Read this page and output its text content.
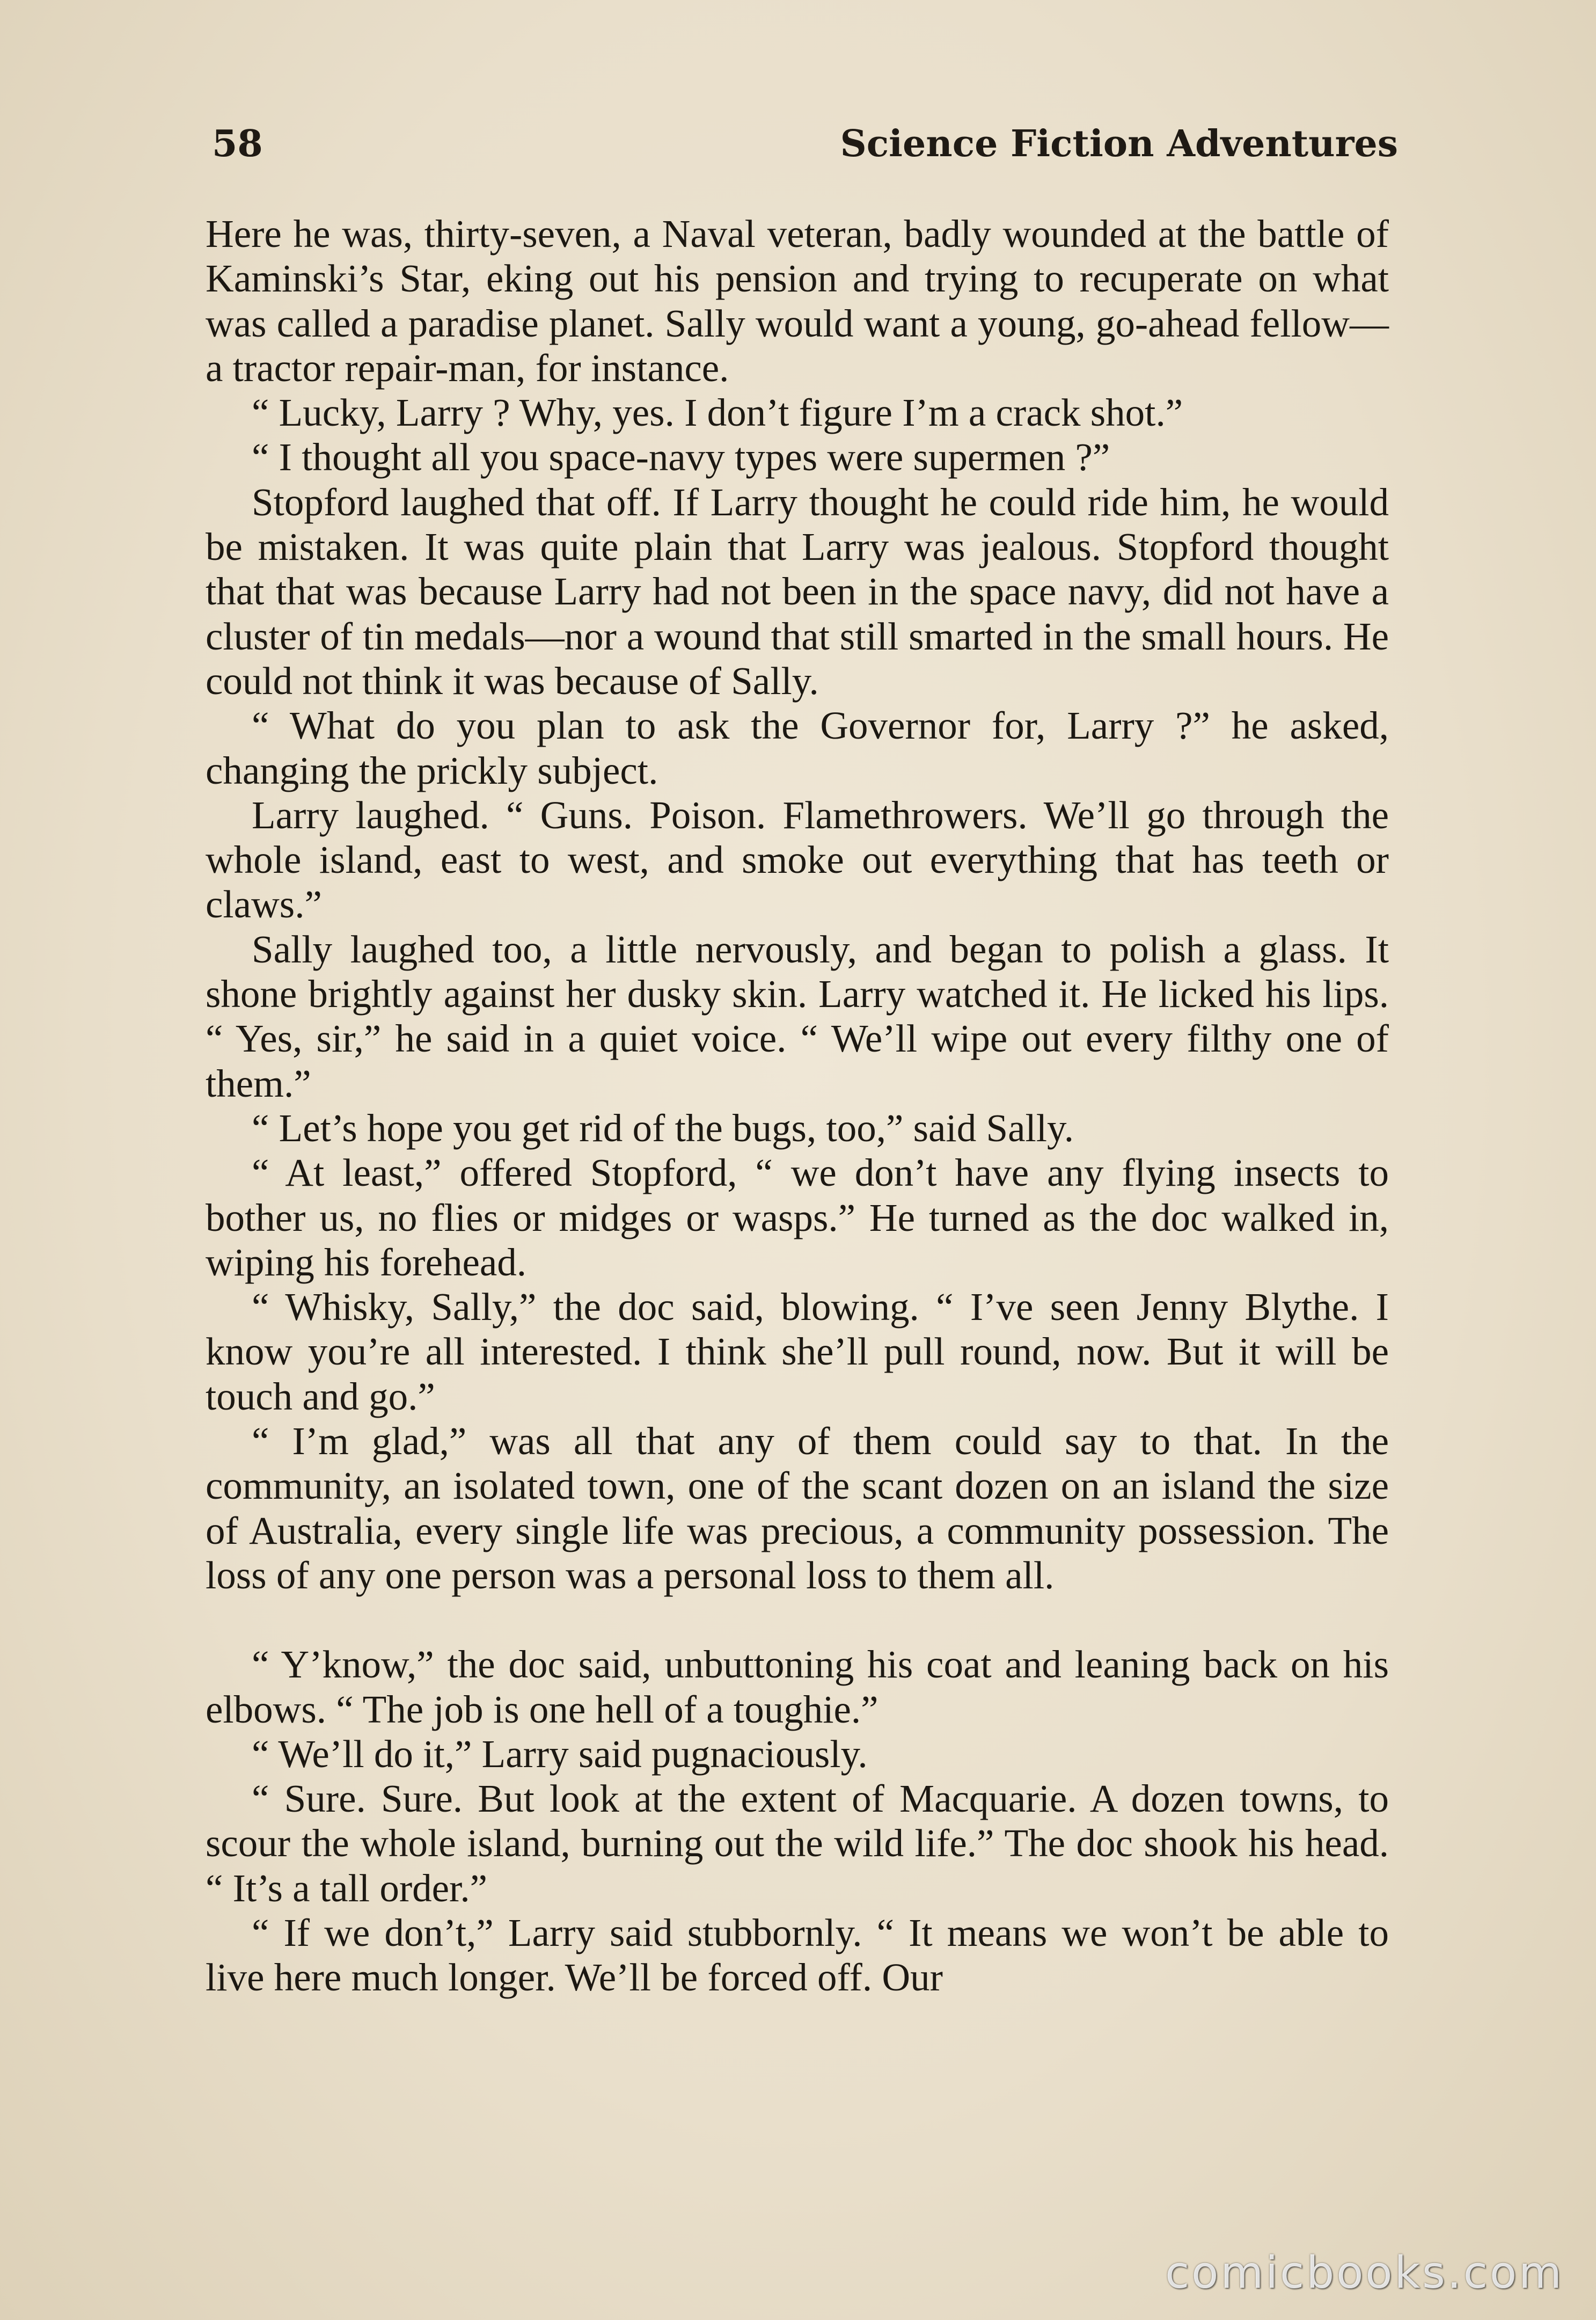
58	Science Fiction Adventures

Here he was, thirty-seven, a Naval veteran, badly wounded at the battle of Kaminski’s Star, eking out his pension and trying to recuperate on what was called a paradise planet. Sally would want a young, go-ahead fellow—a tractor repair-man, for instance.

“ Lucky, Larry ? Why, yes. I don’t figure I’m a crack shot.”

“ I thought all you space-navy types were supermen ?”

Stopford laughed that off. If Larry thought he could ride him, he would be mistaken. It was quite plain that Larry was jealous. Stopford thought that that was because Larry had not been in the space navy, did not have a cluster of tin medals—nor a wound that still smarted in the small hours. He could not think it was because of Sally.

“ What do you plan to ask the Governor for, Larry ?” he asked, changing the prickly subject.

Larry laughed. “ Guns. Poison. Flamethrowers. We’ll go through the whole island, east to west, and smoke out everything that has teeth or claws.”

Sally laughed too, a little nervously, and began to polish a glass. It shone brightly against her dusky skin. Larry watched it. He licked his lips. “ Yes, sir,” he said in a quiet voice. “ We’ll wipe out every filthy one of them.”

“ Let’s hope you get rid of the bugs, too,” said Sally.

“ At least,” offered Stopford, “ we don’t have any flying insects to bother us, no flies or midges or wasps.” He turned as the doc walked in, wiping his forehead.

“ Whisky, Sally,” the doc said, blowing. “ I’ve seen Jenny Blythe. I know you’re all interested. I think she’ll pull round, now. But it will be touch and go.”

“ I’m glad,” was all that any of them could say to that. In the community, an isolated town, one of the scant dozen on an island the size of Australia, every single life was precious, a community possession. The loss of any one person was a personal loss to them all.

“ Y’know,” the doc said, unbuttoning his coat and leaning back on his elbows. “ The job is one hell of a toughie.”

“ We’ll do it,” Larry said pugnaciously.

“ Sure. Sure. But look at the extent of Macquarie. A dozen towns, to scour the whole island, burning out the wild life.” The doc shook his head. “ It’s a tall order.”

“ If we don’t,” Larry said stubbornly. “ It means we won’t be able to live here much longer. We’ll be forced off. Our

comicbooks.com
